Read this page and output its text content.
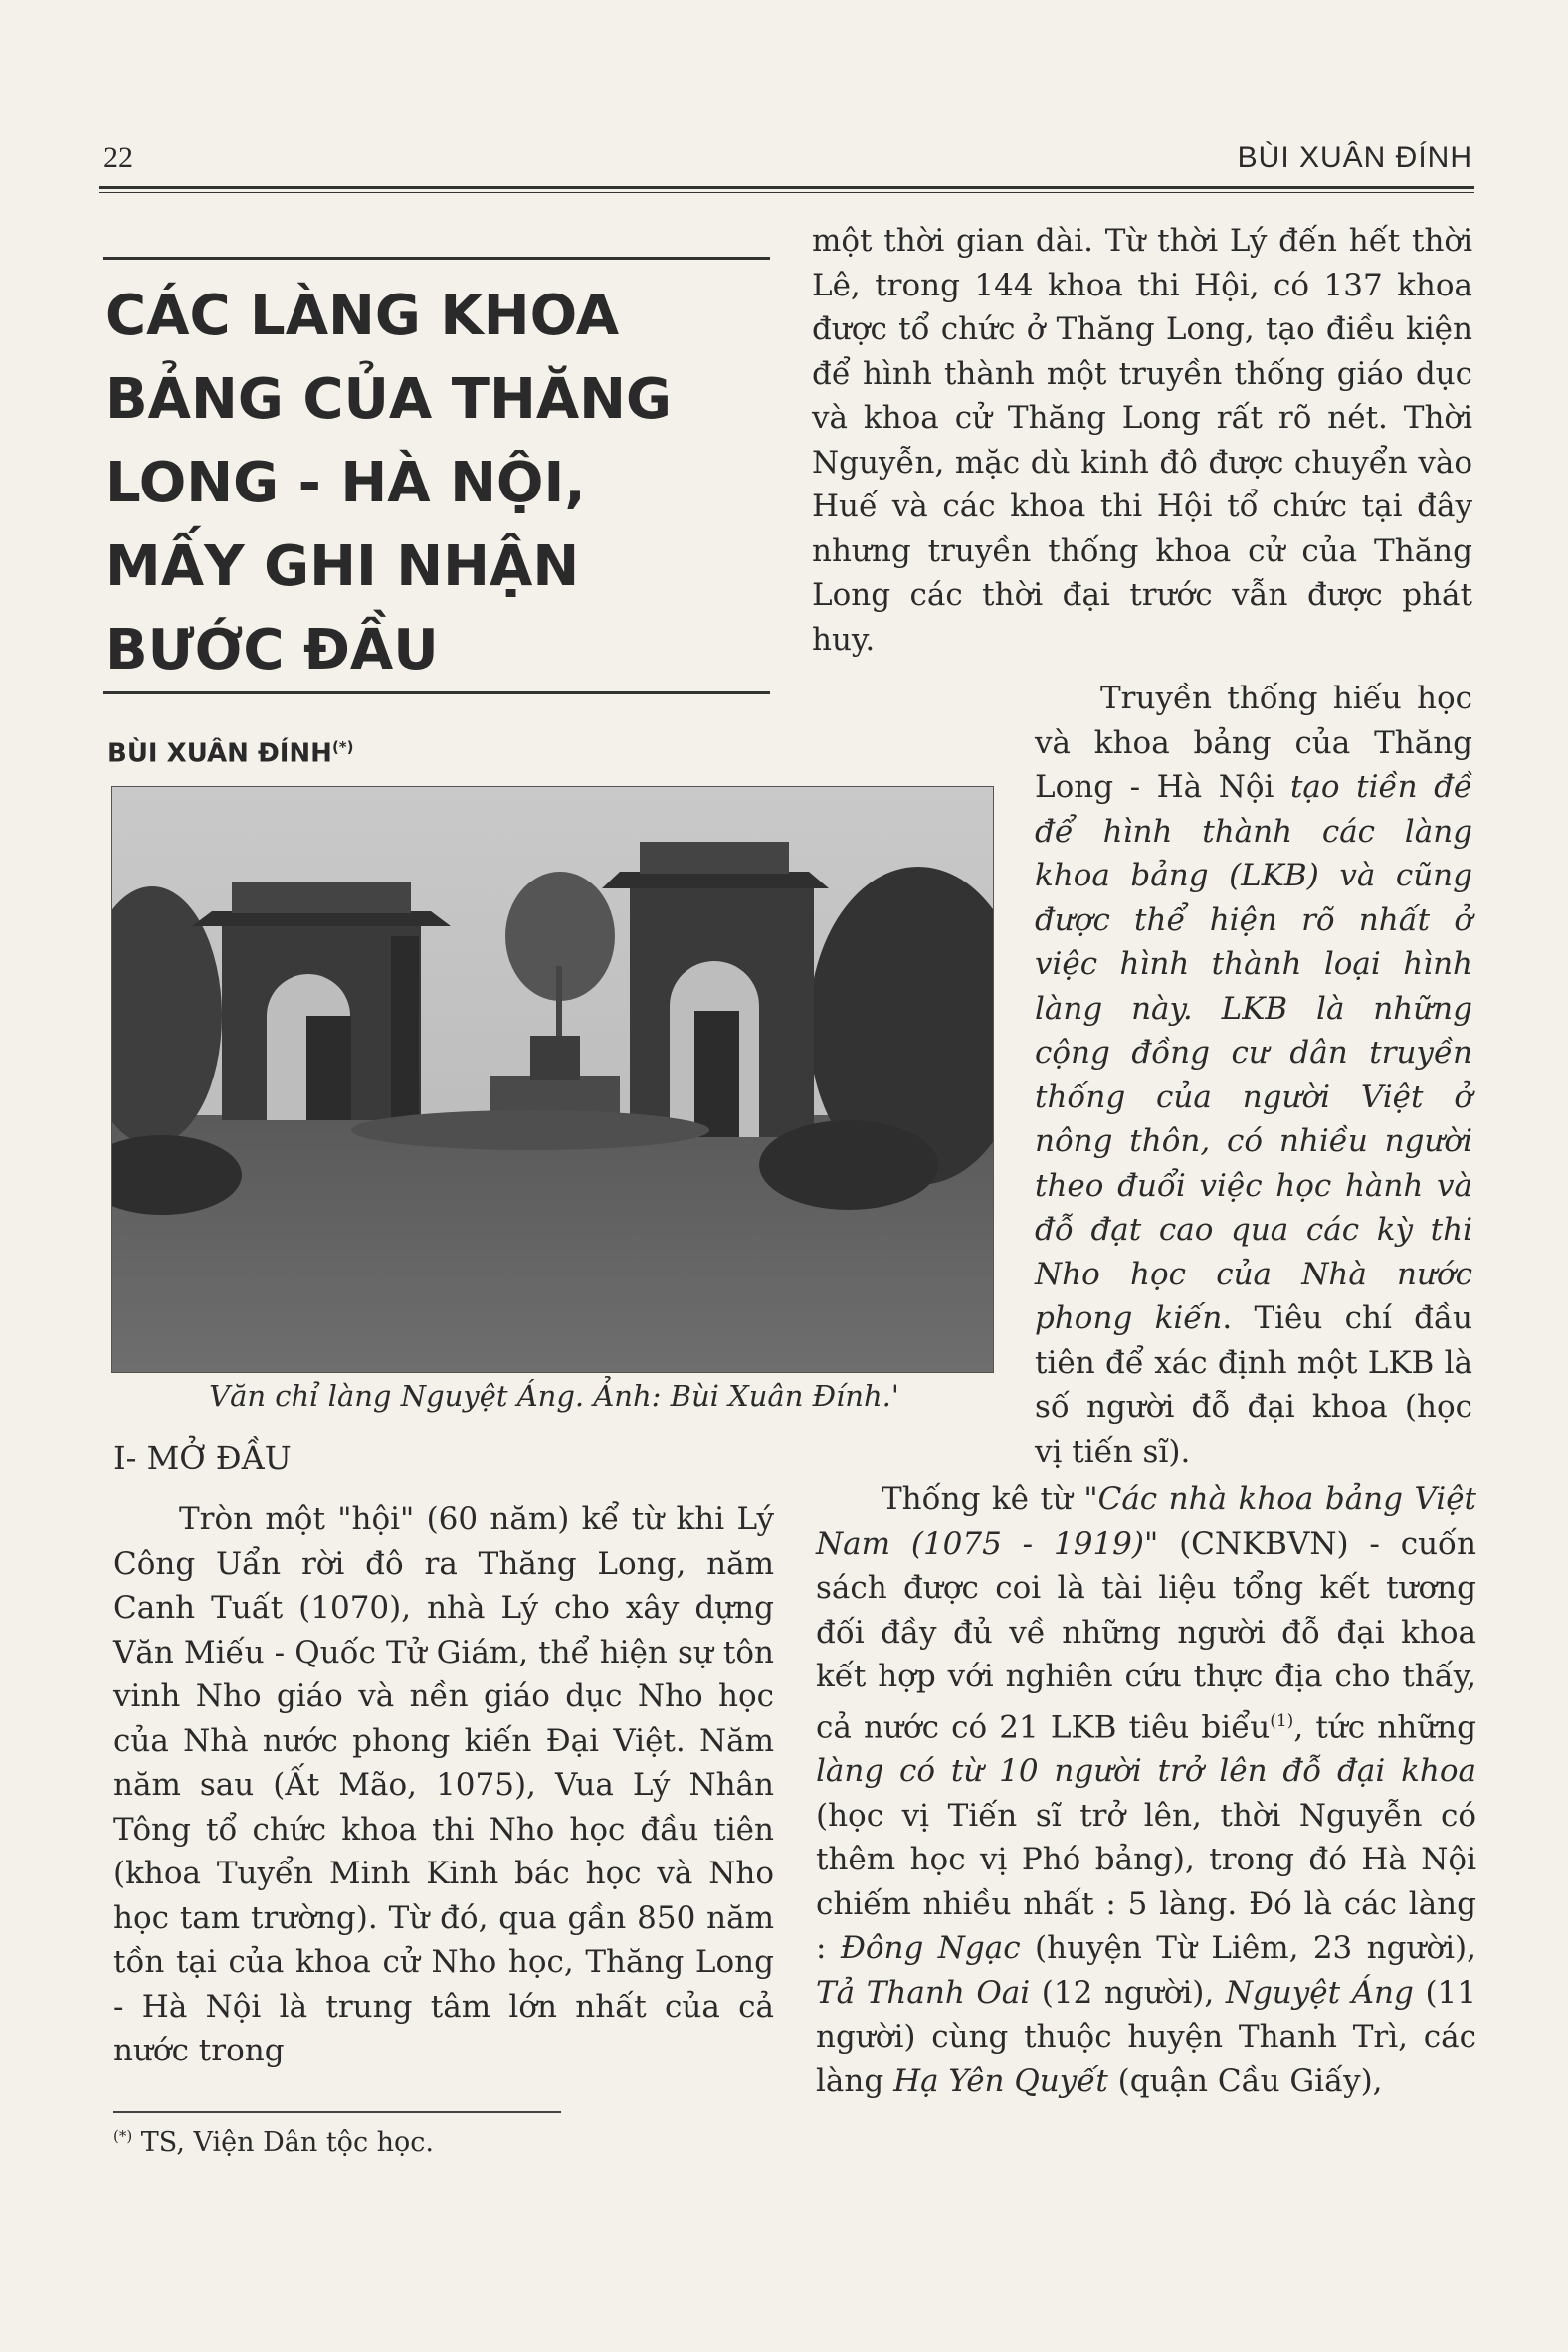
22	BÙI XUÂN ĐÍNH
CÁC LÀNG KHOA
BẢNG CỦA THĂNG
LONG - HÀ NỘI,
MẤY GHI NHẬN
BƯỚC ĐẦU
BÙI XUÂN ĐÍNH(*)
Văn chỉ làng Nguyệt Áng. Ảnh: Bùi Xuân Đính.'
I- MỞ ĐẦU

Tròn một "hội" (60 năm) kể từ khi Lý Công Uẩn rời đô ra Thăng Long, năm Canh Tuất (1070), nhà Lý cho xây dựng Văn Miếu - Quốc Tử Giám, thể hiện sự tôn vinh Nho giáo và nền giáo dục Nho học của Nhà nước phong kiến Đại Việt. Năm năm sau (Ất Mão, 1075), Vua Lý Nhân Tông tổ chức khoa thi Nho học đầu tiên (khoa Tuyển Minh Kinh bác học và Nho học tam trường). Từ đó, qua gần 850 năm tồn tại của khoa cử Nho học, Thăng Long - Hà Nội là trung tâm lớn nhất của cả nước trong

một thời gian dài. Từ thời Lý đến hết thời Lê, trong 144 khoa thi Hội, có 137 khoa được tổ chức ở Thăng Long, tạo điều kiện để hình thành một truyền thống giáo dục và khoa cử Thăng Long rất rõ nét. Thời Nguyễn, mặc dù kinh đô được chuyển vào Huế và các khoa thi Hội tổ chức tại đây nhưng truyền thống khoa cử của Thăng Long các thời đại trước vẫn được phát huy.

Truyền thống hiếu học và khoa bảng của Thăng Long - Hà Nội tạo tiền đề để hình thành các làng khoa bảng (LKB) và cũng được thể hiện rõ nhất ở việc hình thành loại hình làng này. LKB là những cộng đồng cư dân truyền thống của người Việt ở nông thôn, có nhiều người theo đuổi việc học hành và đỗ đạt cao qua các kỳ thi Nho học của Nhà nước phong kiến. Tiêu chí đầu tiên để xác định một LKB là số người đỗ đại khoa (học vị tiến sĩ).

Thống kê từ "Các nhà khoa bảng Việt Nam (1075 - 1919)" (CNKBVN) - cuốn sách được coi là tài liệu tổng kết tương đối đầy đủ về những người đỗ đại khoa kết hợp với nghiên cứu thực địa cho thấy, cả nước có 21 LKB tiêu biểu$^{(1)}$, tức những làng có từ 10 người trở lên đỗ đại khoa (học vị Tiến sĩ trở lên, thời Nguyễn có thêm học vị Phó bảng), trong đó Hà Nội chiếm nhiều nhất : 5 làng. Đó là các làng : Đông Ngạc (huyện Từ Liêm, 23 người), Tả Thanh Oai (12 người), Nguyệt Áng (11 người) cùng thuộc huyện Thanh Trì, các làng Hạ Yên Quyết (quận Cầu Giấy),

(*) TS, Viện Dân tộc học.
